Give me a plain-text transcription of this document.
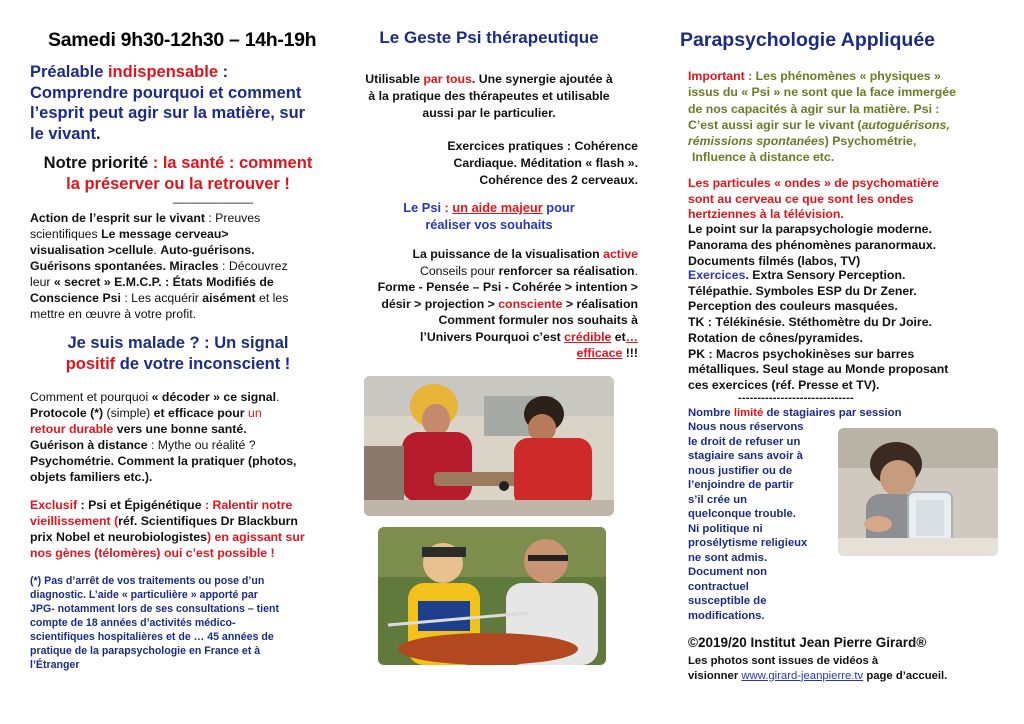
Samedi 9h30-12h30 – 14h-19h
Préalable indispensable :
Comprendre pourquoi et comment
l’esprit peut agir sur la matière, sur
le vivant.
Notre priorité : la santé : comment
la préserver ou la retrouver !
____________
Action de l’esprit sur le vivant : Preuves
scientifiques Le message cerveau>
visualisation >cellule. Auto-guérisons.
Guérisons spontanées. Miracles : Découvrez
leur « secret » E.M.C.P. : États Modifiés de
Conscience Psi : Les acquérir aisément et les
mettre en œuvre à votre profit.
Je suis malade ? : Un signal
positif de votre inconscient !
Comment et pourquoi « décoder » ce signal.
Protocole (*) (simple) et efficace pour un
retour durable vers une bonne santé.
Guérison à distance : Mythe ou réalité ?
Psychométrie. Comment la pratiquer (photos,
objets familiers etc.).
Exclusif : Psi et Épigénétique : Ralentir notre
vieillissement (réf. Scientifiques Dr Blackburn
prix Nobel et neurobiologistes) en agissant sur
nos gènes (télomères) oui c’est possible !
(*) Pas d’arrêt de vos traitements ou pose d’un
diagnostic. L’aide « particulière » apporté par
JPG- notamment lors de ses consultations – tient
compte de 18 années d’activités médico-
scientifiques hospitalières et de … 45 années de
pratique de la parapsychologie en France et à
l’Étranger
Le Geste Psi thérapeutique
Utilisable par tous. Une synergie ajoutée à
à la pratique des thérapeutes et utilisable
aussi par le particulier.
Exercices pratiques : Cohérence
Cardiaque. Méditation « flash ».
Cohérence des 2 cerveaux.
Le Psi : un aide majeur pour
réaliser vos souhaits
La puissance de la visualisation active
Conseils pour renforcer sa réalisation.
Forme - Pensée – Psi - Cohérée > intention >
désir > projection > consciente > réalisation
Comment formuler nos souhaits à
l’Univers Pourquoi c’est crédible et…
efficace !!!
Parapsychologie Appliquée
Important : Les phénomènes « physiques »
issus du « Psi » ne sont que la face immergée
de nos capacités à agir sur la matière. Psi :
C’est aussi agir sur le vivant (autoguérisons,
rémissions spontanées) Psychométrie,
Influence à distance etc.
Les particules « ondes » de psychomatière
sont au cerveau ce que sont les ondes
hertziennes à la télévision.
Le point sur la parapsychologie moderne.
Panorama des phénomènes paranormaux.
Documents filmés (labos, TV)
Exercices. Extra Sensory Perception.
Télépathie. Symboles ESP du Dr Zener.
Perception des couleurs masquées.
TK : Télékinésie. Stéthomètre du Dr Joire.
Rotation de cônes/pyramides.
PK : Macros psychokinèses sur barres
métalliques. Seul stage au Monde proposant
ces exercices (réf. Presse et TV).
------------------------------
Nombre limité de stagiaires par session
Nous nous réservons
le droit de refuser un
stagiaire sans avoir à
nous justifier ou de
l’enjoindre de partir
s’il crée un
quelconque trouble.
Ni politique ni
prosélytisme religieux
ne sont admis.
Document non
contractuel
susceptible de
modifications.
©2019/20 Institut Jean Pierre Girard®
Les photos sont issues de vidéos à
visionner www.girard-jeanpierre.tv page d’accueil.
